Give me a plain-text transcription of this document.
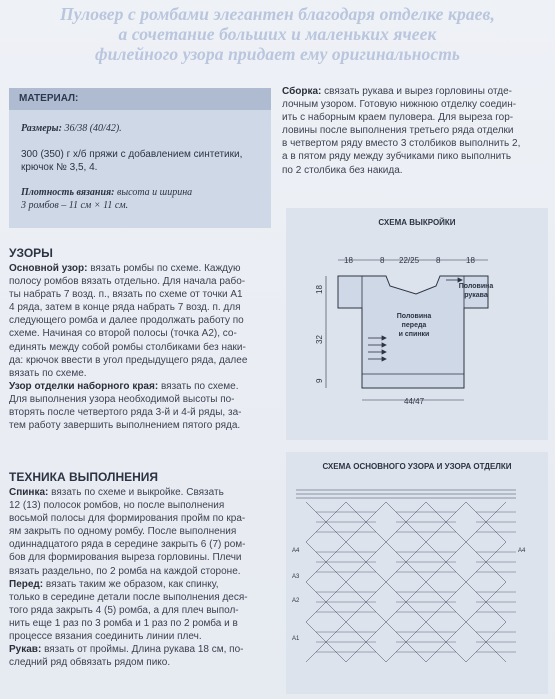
Пуловер с ромбами элегантен благодаря отделке краев,
а сочетание больших и маленьких ячеек
филейного узора придает ему оригинальность
МАТЕРИАЛ:
Размеры: 36/38 (40/42).
300 (350) г х/б пряжи с добавлением синтетики,
крючок № 3,5, 4.
Плотность вязания: высота и ширина
3 ромбов – 11 см × 11 см.
УЗОРЫ
Основной узор: вязать ромбы по схеме. Каждую
полосу ромбов вязать отдельно. Для начала рабо-
ты набрать 7 возд. п., вязать по схеме от точки А1
4 ряда, затем в конце ряда набрать 7 возд. п. для
следующего ромба и далее продолжать работу по
схеме. Начиная со второй полосы (точка А2), со-
единять между собой ромбы столбиками без наки-
да: крючок ввести в угол предыдущего ряда, далее
вязать по схеме.
Узор отделки наборного края: вязать по схеме.
Для выполнения узора необходимой высоты по-
вторять после четвертого ряда 3-й и 4-й ряды, за-
тем работу завершить выполнением пятого ряда.
ТЕХНИКА ВЫПОЛНЕНИЯ
Спинка: вязать по схеме и выкройке. Связать
12 (13) полосок ромбов, но после выполнения
восьмой полосы для формирования пройм по кра-
ям закрыть по одному ромбу. После выполнения
одиннадцатого ряда в середине закрыть 6 (7) ром-
бов для формирования выреза горловины. Плечи
вязать раздельно, по 2 ромба на каждой стороне.
Перед: вязать таким же образом, как спинку,
только в середине детали после выполнения деся-
того ряда закрыть 4 (5) ромба, а для плеч выпол-
нить еще 1 раз по 3 ромба и 1 раз по 2 ромба и в
процессе вязания соединить линии плеч.
Рукав: вязать от проймы. Длина рукава 18 см, по-
следний ряд обвязать рядом пико.
Сборка: связать рукава и вырез горловины отде-
лочным узором. Готовую нижнюю отделку соедин-
ить с наборным краем пуловера. Для выреза гор-
ловины после выполнения третьего ряда отделки
в четвертом ряду вместо 3 столбиков выполнить 2,
а в пятом ряду между зубчиками пико выполнить
по 2 столбика без накида.
СХЕМА ВЫКРОЙКИ
18	8 22/25 8	18
18
32
9
44/47
Половина
переда
и спинки
Половина
рукава
СХЕМА ОСНОВНОГО УЗОРА И УЗОРА ОТДЕЛКИ
А4
А3
А2
А1
А4
